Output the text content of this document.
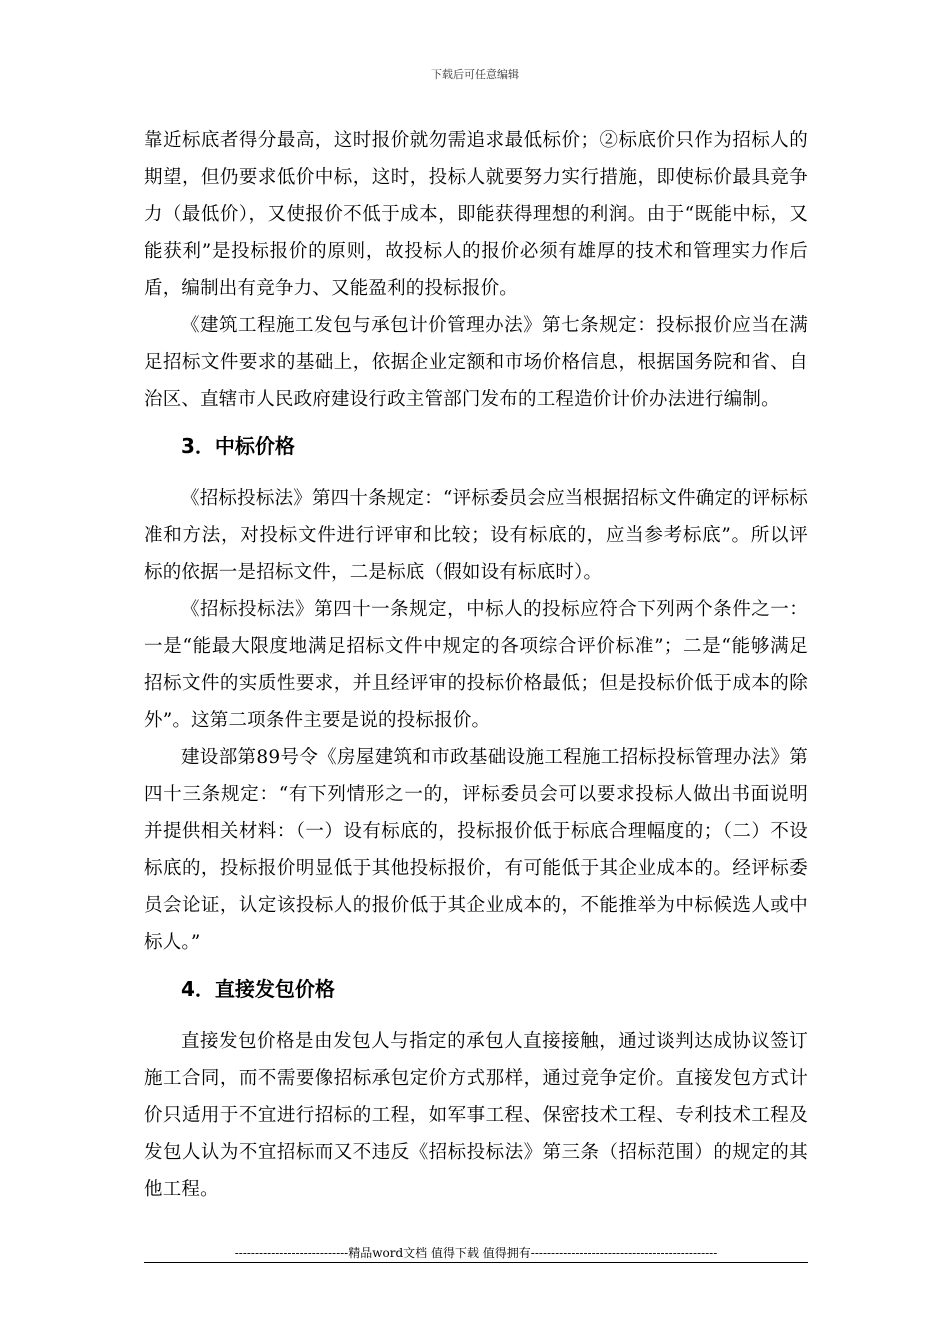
下载后可任意编辑

靠近标底者得分最高，这时报价就勿需追求最低标价；②标底价只作为招标人的期望，但仍要求低价中标，这时，投标人就要努力实行措施，即使标价最具竞争力（最低价），又使报价不低于成本，即能获得理想的利润。由于“既能中标，又能获利”是投标报价的原则，故投标人的报价必须有雄厚的技术和管理实力作后盾，编制出有竞争力、又能盈利的投标报价。

《建筑工程施工发包与承包计价管理办法》第七条规定：投标报价应当在满足招标文件要求的基础上，依据企业定额和市场价格信息，根据国务院和省、自治区、直辖市人民政府建设行政主管部门发布的工程造价计价办法进行编制。

3．中标价格

《招标投标法》第四十条规定：“评标委员会应当根据招标文件确定的评标标准和方法，对投标文件进行评审和比较；设有标底的，应当参考标底”。所以评标的依据一是招标文件，二是标底（假如设有标底时）。

《招标投标法》第四十一条规定，中标人的投标应符合下列两个条件之一：一是“能最大限度地满足招标文件中规定的各项综合评价标准”；二是“能够满足招标文件的实质性要求，并且经评审的投标价格最低；但是投标价低于成本的除外”。这第二项条件主要是说的投标报价。

建设部第89号令《房屋建筑和市政基础设施工程施工招标投标管理办法》第四十三条规定：“有下列情形之一的，评标委员会可以要求投标人做出书面说明并提供相关材料：（一）设有标底的，投标报价低于标底合理幅度的；（二）不设标底的，投标报价明显低于其他投标报价，有可能低于其企业成本的。经评标委员会论证，认定该投标人的报价低于其企业成本的，不能推举为中标候选人或中标人。”

4．直接发包价格

直接发包价格是由发包人与指定的承包人直接接触，通过谈判达成协议签订施工合同，而不需要像招标承包定价方式那样，通过竞争定价。直接发包方式计价只适用于不宜进行招标的工程，如军事工程、保密技术工程、专利技术工程及发包人认为不宜招标而又不违反《招标投标法》第三条（招标范围）的规定的其他工程。

----------------------------精品word文档 值得下载 值得拥有----------------------------------------------
